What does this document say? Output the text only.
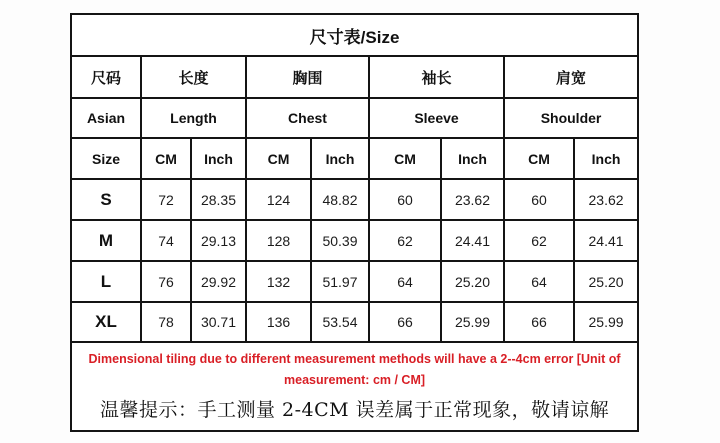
尺寸表/Size								
尺码	长度		胸围		袖长		肩宽	
Asian	Length		Chest		Sleeve		Shoulder	
Size	CM	Inch	CM	Inch	CM	Inch	CM	Inch
S	72	28.35	124	48.82	60	23.62	60	23.62
M	74	29.13	128	50.39	62	24.41	62	24.41
L	76	29.92	132	51.97	64	25.20	64	25.20
XL	78	30.71	136	53.54	66	25.99	66	25.99

Dimensional tiling due to different measurement methods will have a 2--4cm error [Unit of measurement: cm / CM]
温馨提示：手工测量 2-4CM 误差属于正常现象，敬请谅解								
